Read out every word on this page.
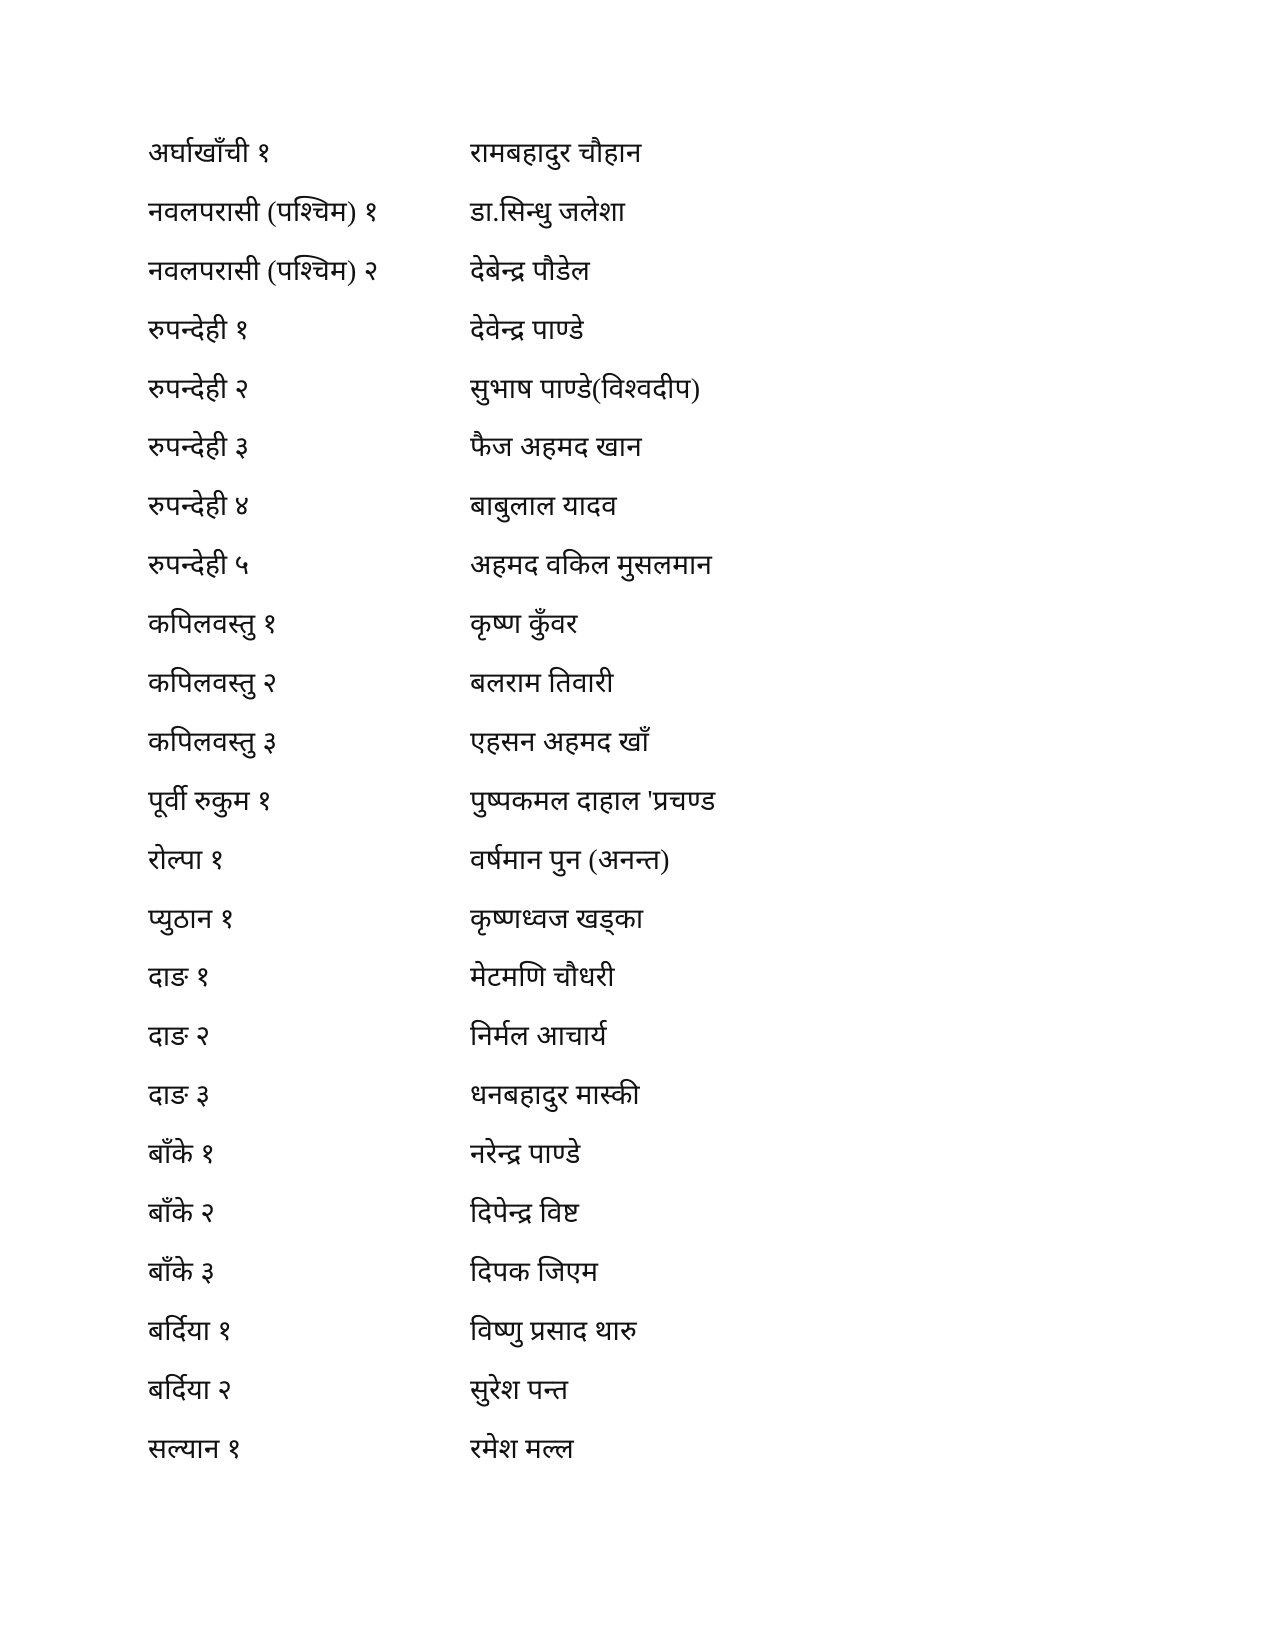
अर्घाखाँची १	रामबहादुर चौहान
नवलपरासी (पश्चिम) १	डा.सिन्धु जलेशा
नवलपरासी (पश्चिम) २	देबेन्द्र पौडेल
रुपन्देही १	देवेन्द्र पाण्डे
रुपन्देही २	सुभाष पाण्डे(विश्वदीप)
रुपन्देही ३	फैज अहमद खान
रुपन्देही ४	बाबुलाल यादव
रुपन्देही ५	अहमद वकिल मुसलमान
कपिलवस्तु १	कृष्ण कुँवर
कपिलवस्तु २	बलराम तिवारी
कपिलवस्तु ३	एहसन अहमद खाँ
पूर्वी रुकुम १	पुष्पकमल दाहाल 'प्रचण्ड
रोल्पा १	वर्षमान पुन (अनन्त)
प्युठान १	कृष्णध्वज खड्का
दाङ १	मेटमणि चौधरी
दाङ २	निर्मल आचार्य
दाङ ३	धनबहादुर मास्की
बाँके १	नरेन्द्र पाण्डे
बाँके २	दिपेन्द्र विष्ट
बाँके ३	दिपक जिएम
बर्दिया १	विष्णु प्रसाद थारु
बर्दिया २	सुरेश पन्त
सल्यान १	रमेश मल्ल
